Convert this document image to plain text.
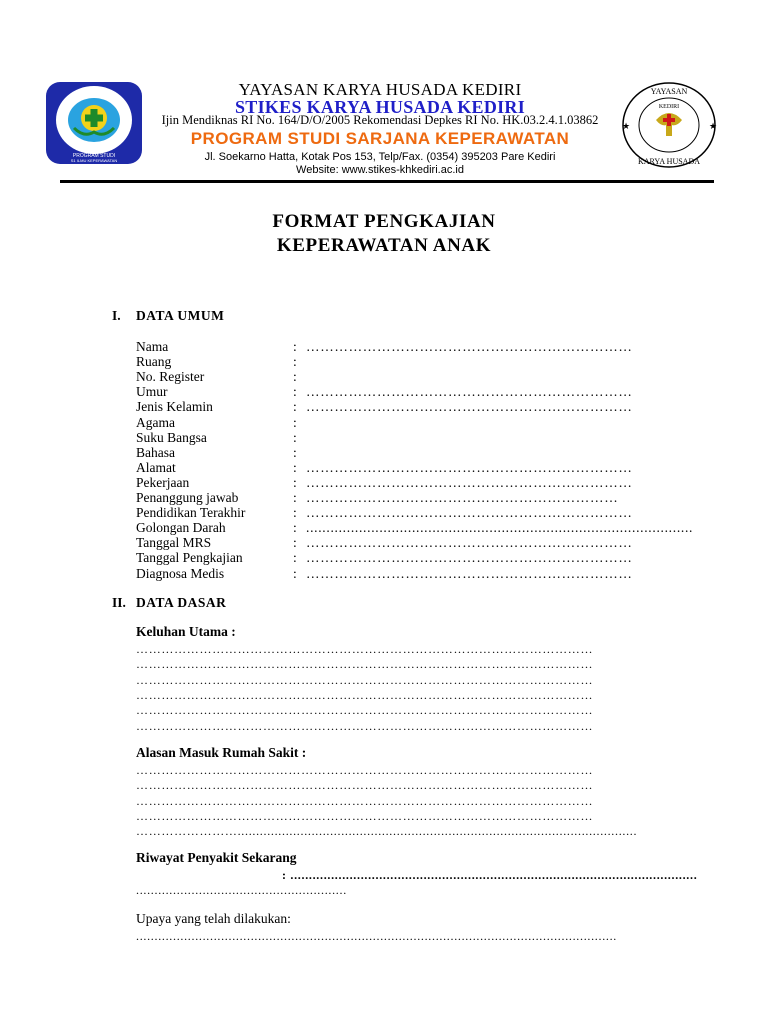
PROGRAM STUDI
S1 ILMU KEPERAWATAN
YAYASAN
KEDIRI
KARYA HUSADA
★	★
YAYASAN KARYA HUSADA KEDIRI
STIKES KARYA HUSADA KEDIRI
Ijin Mendiknas RI No. 164/D/O/2005 Rekomendasi Depkes RI No. HK.03.2.4.1.03862
PROGRAM STUDI SARJANA KEPERAWATAN
Jl. Soekarno Hatta, Kotak Pos 153, Telp/Fax. (0354) 395203 Pare Kediri
Website: www.stikes-khkediri.ac.id
FORMAT PENGKAJIAN
KEPERAWATAN ANAK
I. DATA UMUM
Nama	: ……………………………………………………………
Ruang	:
No. Register	:
Umur	: ……………………………………………………………
Jenis Kelamin	: ……………………………………………………………
Agama	:
Suku Bangsa	:
Bahasa	:
Alamat	: ……………………………………………………………
Pekerjaan	: ……………………………………………………………
Penanggung jawab	: …………………………………………………………
Pendidikan Terakhir	: ……………………………………………………………
Golongan Darah	: ...............................................................................................
Tanggal MRS	: ……………………………………………………………
Tanggal Pengkajian	: ……………………………………………………………
Diagnosa Medis	: ……………………………………………………………
II. DATA DASAR
Keluhan Utama :
………………………………………………………………………………………………
………………………………………………………………………………………………
………………………………………………………………………………………………
………………………………………………………………………………………………
………………………………………………………………………………………………
………………………………………………………………………………………………
Alasan Masuk Rumah Sakit :
………………………………………………………………………………………………
………………………………………………………………………………………………
………………………………………………………………………………………………
………………………………………………………………………………………………
……………………............................................................................................................
Riwayat Penyakit Sekarang
: ..............................................................................................................
.........................................................
Upaya yang telah dilakukan:
..................................................................................................................................
